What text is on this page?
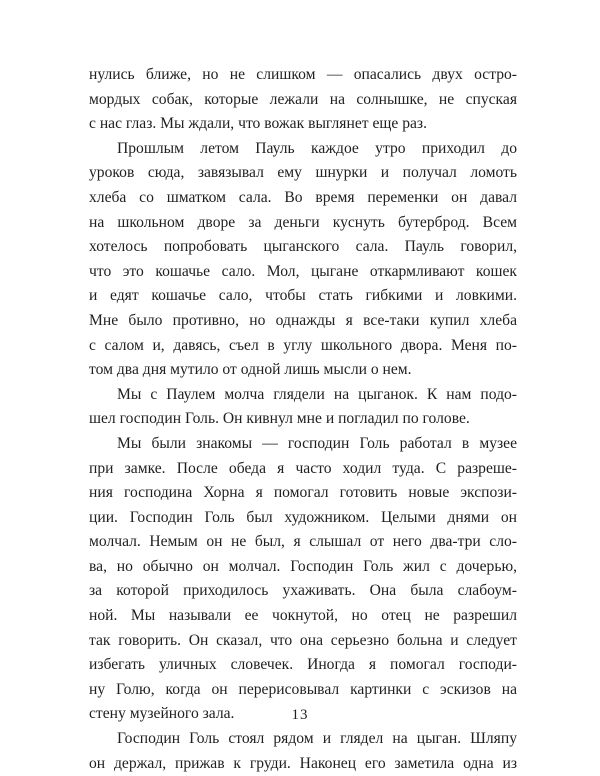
нулись ближе, но не слишком — опасались двух остро-
мордых собак, которые лежали на солнышке, не спуская
с нас глаз. Мы ждали, что вожак выглянет еще раз.
Прошлым летом Пауль каждое утро приходил до
уроков сюда, завязывал ему шнурки и получал ломоть
хлеба со шматком сала. Во время переменки он давал
на школьном дворе за деньги куснуть бутерброд. Всем
хотелось попробовать цыганского сала. Пауль говорил,
что это кошачье сало. Мол, цыгане откармливают кошек
и едят кошачье сало, чтобы стать гибкими и ловкими.
Мне было противно, но однажды я все-таки купил хлеба
с салом и, давясь, съел в углу школьного двора. Меня по-
том два дня мутило от одной лишь мысли о нем.
Мы с Паулем молча глядели на цыганок. К нам подо-
шел господин Голь. Он кивнул мне и погладил по голове.
Мы были знакомы — господин Голь работал в музее
при замке. После обеда я часто ходил туда. С разреше-
ния господина Хорна я помогал готовить новые экспози-
ции. Господин Голь был художником. Целыми днями он
молчал. Немым он не был, я слышал от него два-три сло-
ва, но обычно он молчал. Господин Голь жил с дочерью,
за которой приходилось ухаживать. Она была слабоум-
ной. Мы называли ее чокнутой, но отец не разрешил
так говорить. Он сказал, что она серьезно больна и следует
избегать уличных словечек. Иногда я помогал господи-
ну Голю, когда он перерисовывал картинки с эскизов на
стену музейного зала.
Господин Голь стоял рядом и глядел на цыган. Шляпу
он держал, прижав к груди. Наконец его заметила одна из
13
